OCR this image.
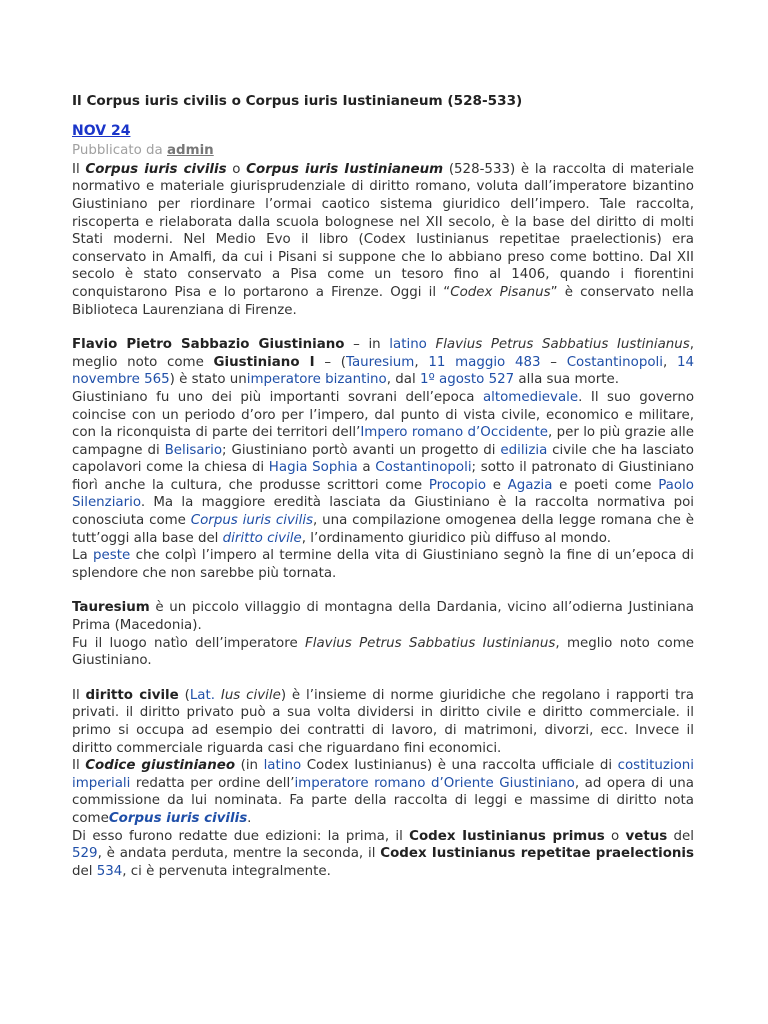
Il Corpus iuris civilis o Corpus iuris Iustinianeum (528-533)
NOV 24
Pubblicato da admin

Il Corpus iuris civilis o Corpus iuris Iustinianeum (528-533) è la raccolta di materiale normativo e materiale giurisprudenziale di diritto romano, voluta dall’imperatore bizantino Giustiniano per riordinare l’ormai caotico sistema giuridico dell’impero. Tale raccolta, riscoperta e rielaborata dalla scuola bolognese nel XII secolo, è la base del diritto di molti Stati moderni. Nel Medio Evo il libro (Codex Iustinianus repetitae praelectionis) era conservato in Amalfi, da cui i Pisani si suppone che lo abbiano preso come bottino. Dal XII secolo è stato conservato a Pisa come un tesoro fino al 1406, quando i fiorentini conquistarono Pisa e lo portarono a Firenze. Oggi il “Codex Pisanus” è conservato nella Biblioteca Laurenziana di Firenze.

Flavio Pietro Sabbazio Giustiniano – in latino Flavius Petrus Sabbatius Iustinianus, meglio noto come Giustiniano I – (Tauresium, 11 maggio 483 – Costantinopoli, 14 novembre 565) è stato unimperatore bizantino, dal 1º agosto 527 alla sua morte.

Giustiniano fu uno dei più importanti sovrani dell’epoca altomedievale. Il suo governo coincise con un periodo d’oro per l’impero, dal punto di vista civile, economico e militare, con la riconquista di parte dei territori dell’Impero romano d’Occidente, per lo più grazie alle campagne di Belisario; Giustiniano portò avanti un progetto di edilizia civile che ha lasciato capolavori come la chiesa di Hagia Sophia a Costantinopoli; sotto il patronato di Giustiniano fiorì anche la cultura, che produsse scrittori come Procopio e Agazia e poeti come Paolo Silenziario. Ma la maggiore eredità lasciata da Giustiniano è la raccolta normativa poi conosciuta come Corpus iuris civilis, una compilazione omogenea della legge romana che è tutt’oggi alla base del diritto civile, l’ordinamento giuridico più diffuso al mondo.

La peste che colpì l’impero al termine della vita di Giustiniano segnò la fine di un’epoca di splendore che non sarebbe più tornata.

Tauresium è un piccolo villaggio di montagna della Dardania, vicino all’odierna Justiniana Prima (Macedonia).

Fu il luogo natìo dell’imperatore Flavius Petrus Sabbatius Iustinianus, meglio noto come Giustiniano.

Il diritto civile (Lat. Ius civile) è l’insieme di norme giuridiche che regolano i rapporti tra privati. il diritto privato può a sua volta dividersi in diritto civile e diritto commerciale. il primo si occupa ad esempio dei contratti di lavoro, di matrimoni, divorzi, ecc. Invece il diritto commerciale riguarda casi che riguardano fini economici.

Il Codice giustinianeo (in latino Codex Iustinianus) è una raccolta ufficiale di costituzioni imperiali redatta per ordine dell’imperatore romano d’Oriente Giustiniano, ad opera di una commissione da lui nominata. Fa parte della raccolta di leggi e massime di diritto nota comeCorpus iuris civilis.

Di esso furono redatte due edizioni: la prima, il Codex Iustinianus primus o vetus del 529, è andata perduta, mentre la seconda, il Codex Iustinianus repetitae praelectionis del 534, ci è pervenuta integralmente.
